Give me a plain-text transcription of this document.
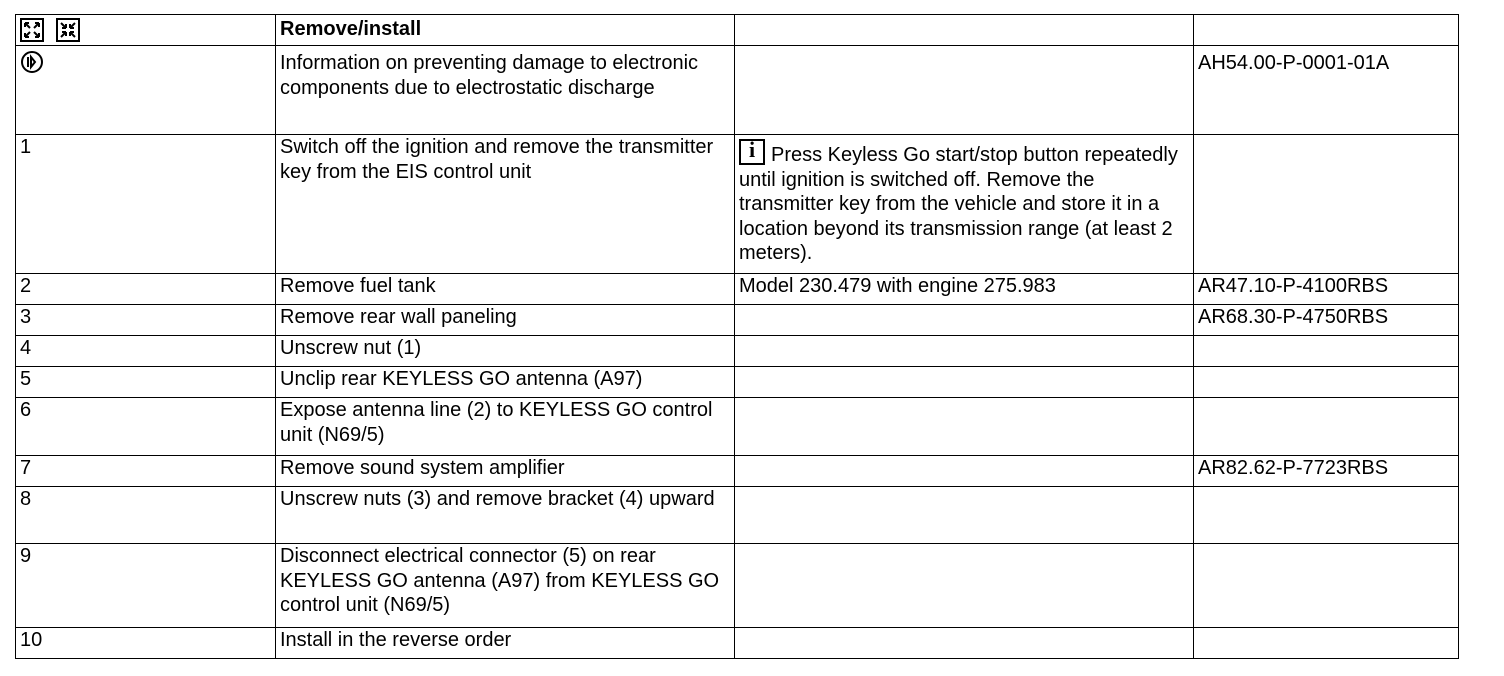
	Remove/install		
	Information on preventing damage to electronic components due to electrostatic discharge		AH54.00-P-0001-01A
1	Switch off the ignition and remove the transmitter key from the EIS control unit	i Press Keyless Go start/stop button repeatedly until ignition is switched off. Remove the transmitter key from the vehicle and store it in a location beyond its transmission range (at least 2 meters).	
2	Remove fuel tank	Model 230.479 with engine 275.983	AR47.10-P-4100RBS
3	Remove rear wall paneling		AR68.30-P-4750RBS
4	Unscrew nut (1)		
5	Unclip rear KEYLESS GO antenna (A97)		
6	Expose antenna line (2) to KEYLESS GO control unit (N69/5)		
7	Remove sound system amplifier		AR82.62-P-7723RBS
8	Unscrew nuts (3) and remove bracket (4) upward		
9	Disconnect electrical connector (5) on rear KEYLESS GO antenna (A97) from KEYLESS GO control unit (N69/5)		
10	Install in the reverse order		
